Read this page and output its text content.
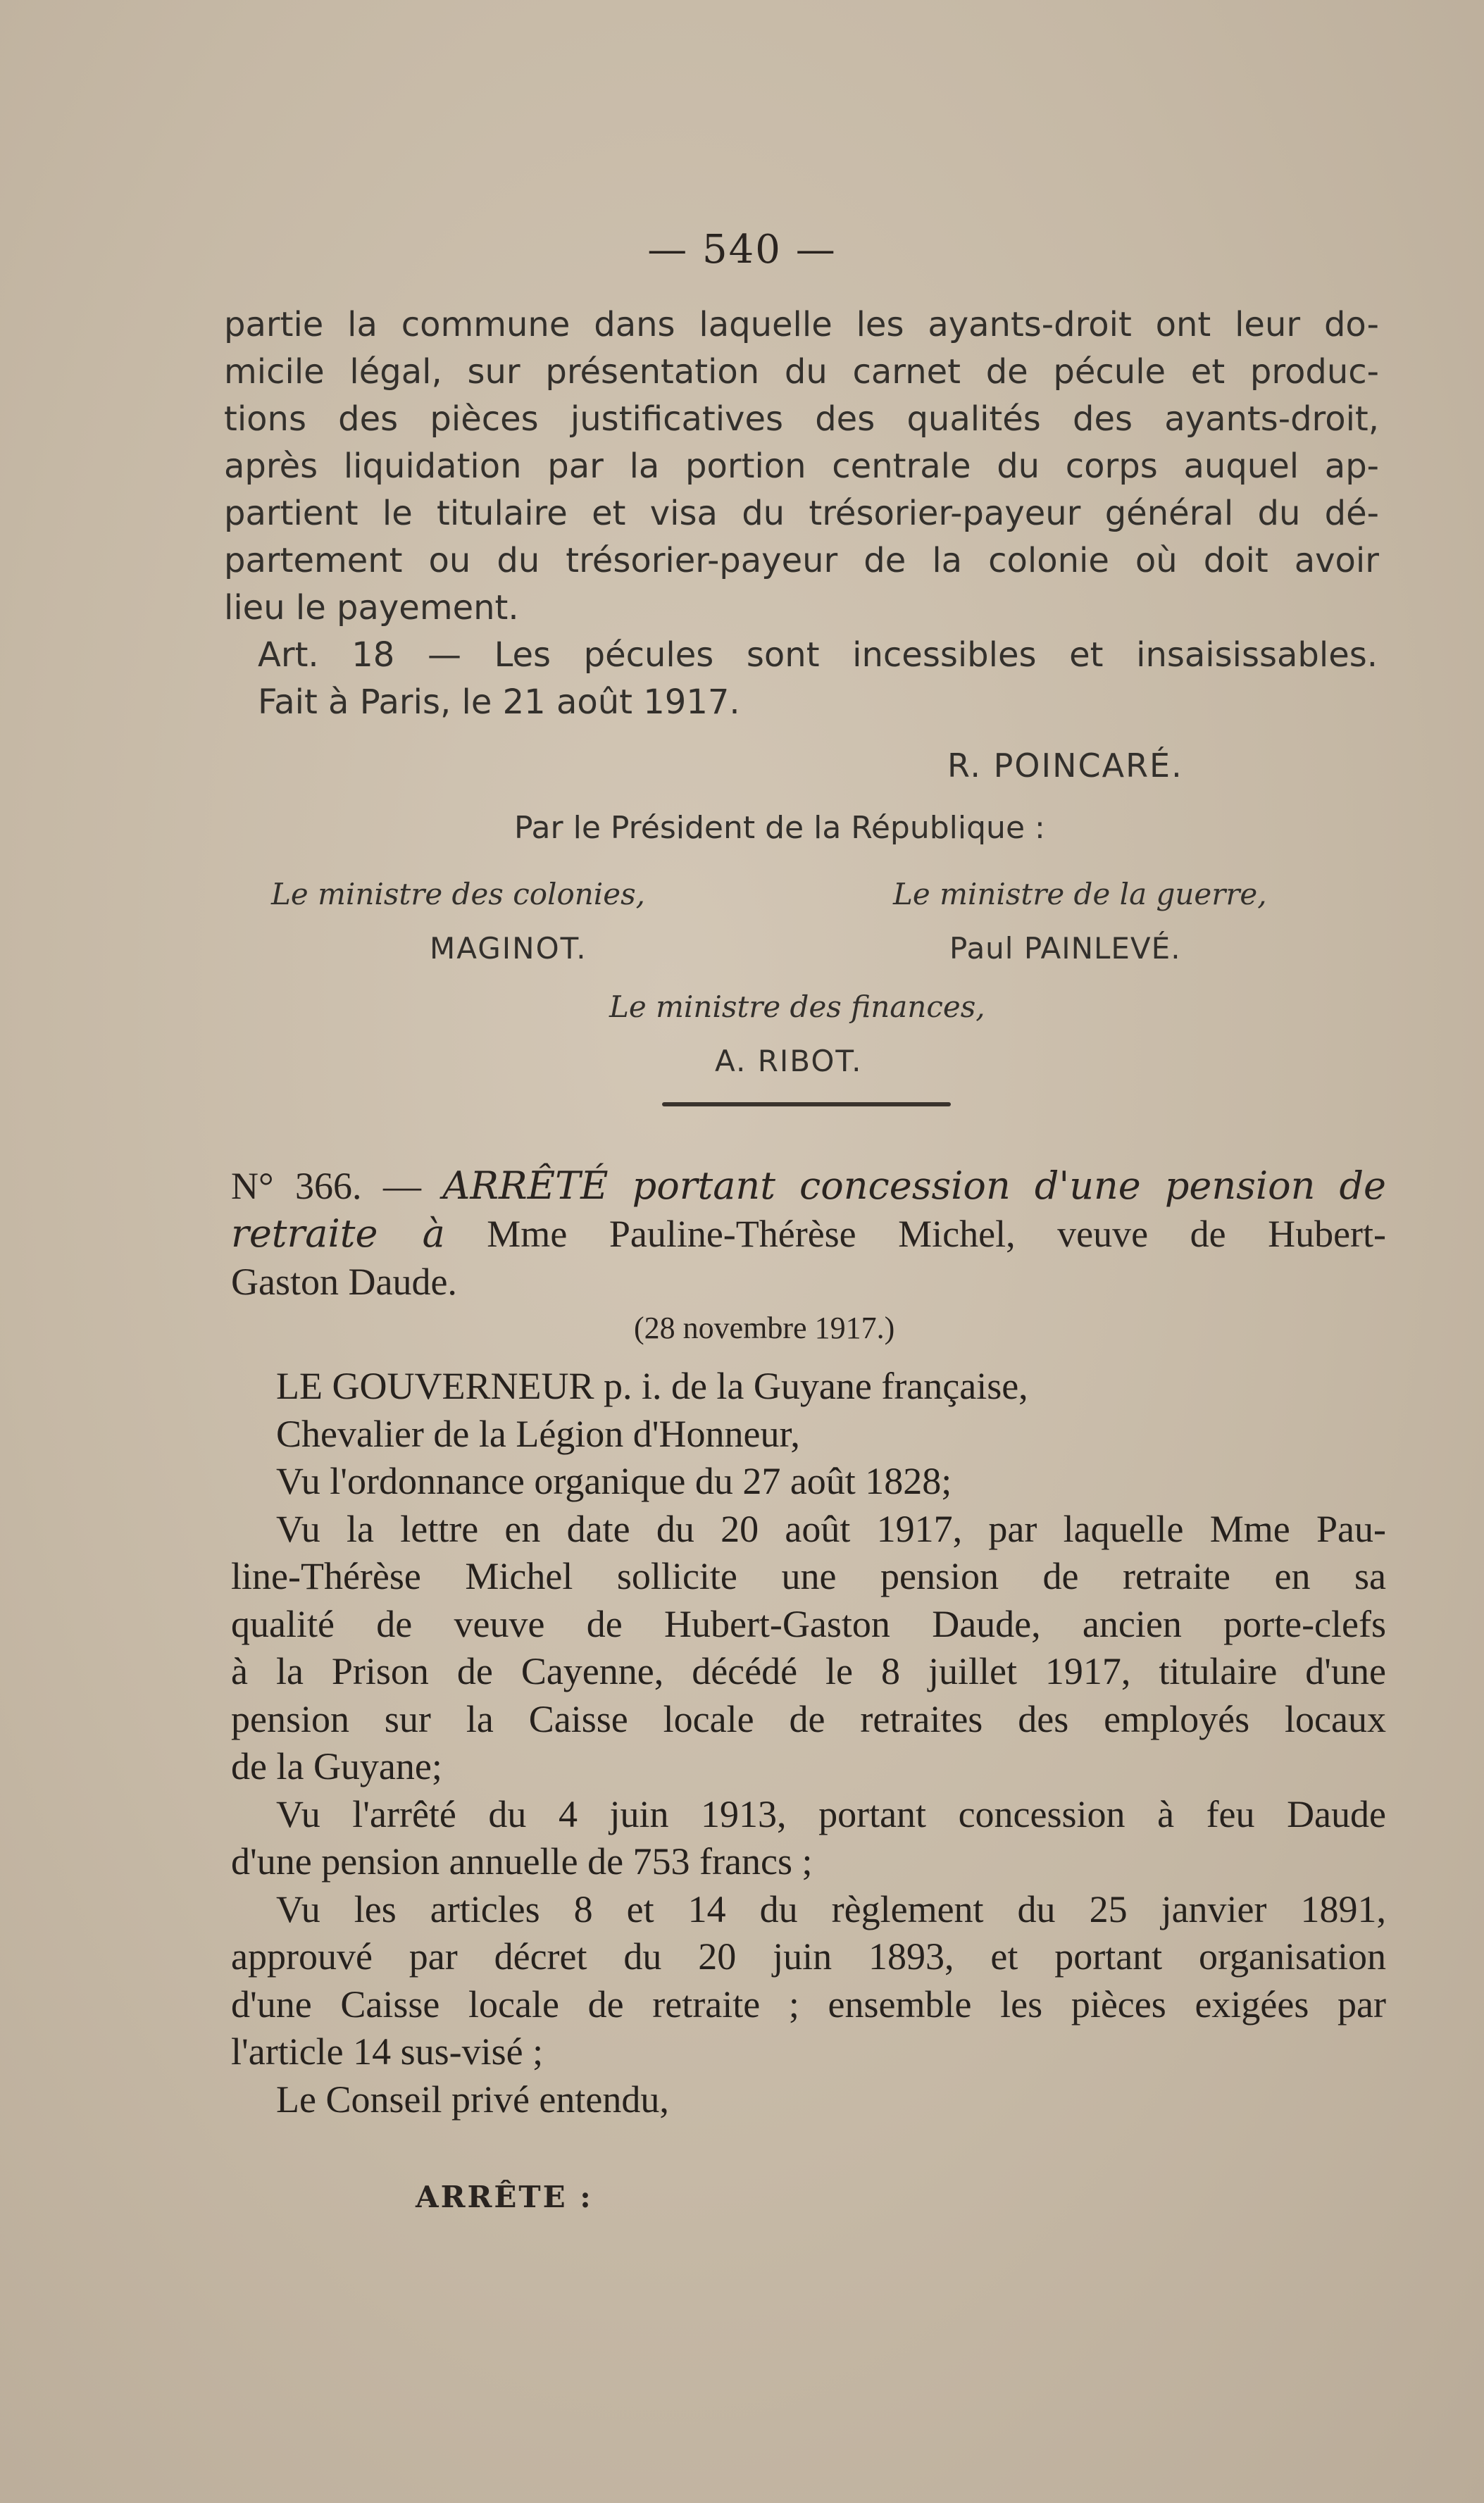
— 540 —
partie la commune dans laquelle les ayants-droit ont leur do-
micile légal, sur présentation du carnet de pécule et produc-
tions des pièces justificatives des qualités des ayants-droit,
après liquidation par la portion centrale du corps auquel ap-
partient le titulaire et visa du trésorier-payeur général du dé-
partement ou du trésorier-payeur de la colonie où doit avoir
lieu le payement.
Art. 18 — Les pécules sont incessibles et insaisissables.
Fait à Paris, le 21 août 1917.
R. POINCARÉ.
Par le Président de la République :
Le ministre des colonies,
MAGINOT.
Le ministre de la guerre,
Paul PAINLEVÉ.
Le ministre des finances,
A. RIBOT.
N° 366. — ARRÊTÉ portant concession d'une pension de
retraite à Mme Pauline-Thérèse Michel, veuve de Hubert-
Gaston Daude.
(28 novembre 1917.)
LE GOUVERNEUR p. i. de la Guyane française,
Chevalier de la Légion d'Honneur,
Vu l'ordonnance organique du 27 août 1828;
Vu la lettre en date du 20 août 1917, par laquelle Mme Pau-
line-Thérèse Michel sollicite une pension de retraite en sa
qualité de veuve de Hubert-Gaston Daude, ancien porte-clefs
à la Prison de Cayenne, décédé le 8 juillet 1917, titulaire d'une
pension sur la Caisse locale de retraites des employés locaux
de la Guyane;
Vu l'arrêté du 4 juin 1913, portant concession à feu Daude
d'une pension annuelle de 753 francs ;
Vu les articles 8 et 14 du règlement du 25 janvier 1891,
approuvé par décret du 20 juin 1893, et portant organisation
d'une Caisse locale de retraite ; ensemble les pièces exigées par
l'article 14 sus-visé ;
Le Conseil privé entendu,
ARRÊTE :
